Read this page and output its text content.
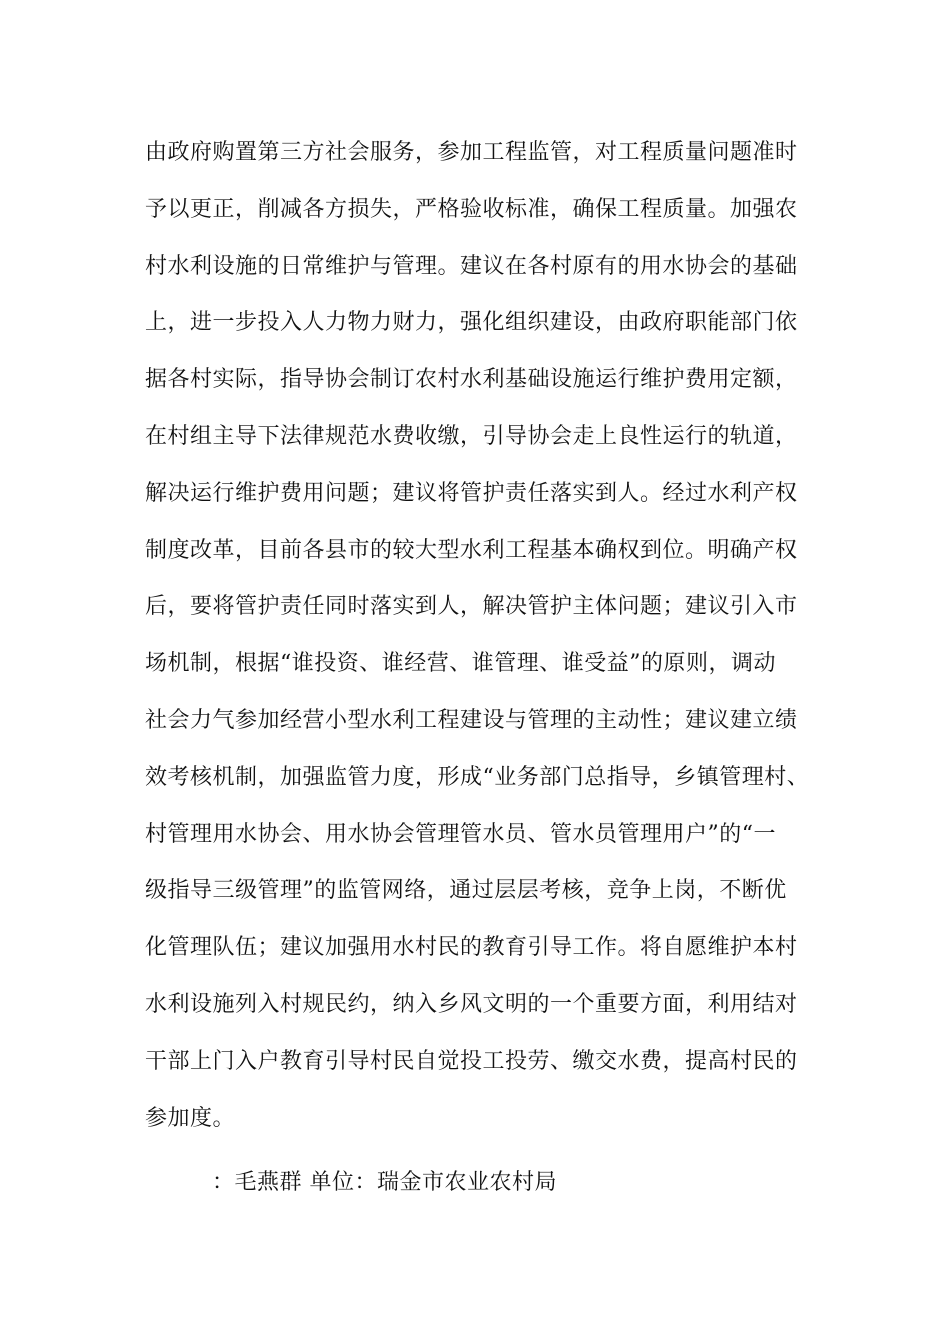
由政府购置第三方社会服务，参加工程监管，对工程质量问题准时
予以更正，削减各方损失，严格验收标准，确保工程质量。加强农
村水利设施的日常维护与管理。建议在各村原有的用水协会的基础
上，进一步投入人力物力财力，强化组织建设，由政府职能部门依
据各村实际，指导协会制订农村水利基础设施运行维护费用定额，
在村组主导下法律规范水费收缴，引导协会走上良性运行的轨道，
解决运行维护费用问题；建议将管护责任落实到人。经过水利产权
制度改革，目前各县市的较大型水利工程基本确权到位。明确产权
后，要将管护责任同时落实到人，解决管护主体问题；建议引入市
场机制，根据“谁投资、谁经营、谁管理、谁受益”的原则，调动
社会力气参加经营小型水利工程建设与管理的主动性；建议建立绩
效考核机制，加强监管力度，形成“业务部门总指导，乡镇管理村、
村管理用水协会、用水协会管理管水员、管水员管理用户”的“一
级指导三级管理”的监管网络，通过层层考核，竞争上岗，不断优
化管理队伍；建议加强用水村民的教育引导工作。将自愿维护本村
水利设施列入村规民约，纳入乡风文明的一个重要方面，利用结对
干部上门入户教育引导村民自觉投工投劳、缴交水费，提高村民的
参加度。
：毛燕群 单位：瑞金市农业农村局
